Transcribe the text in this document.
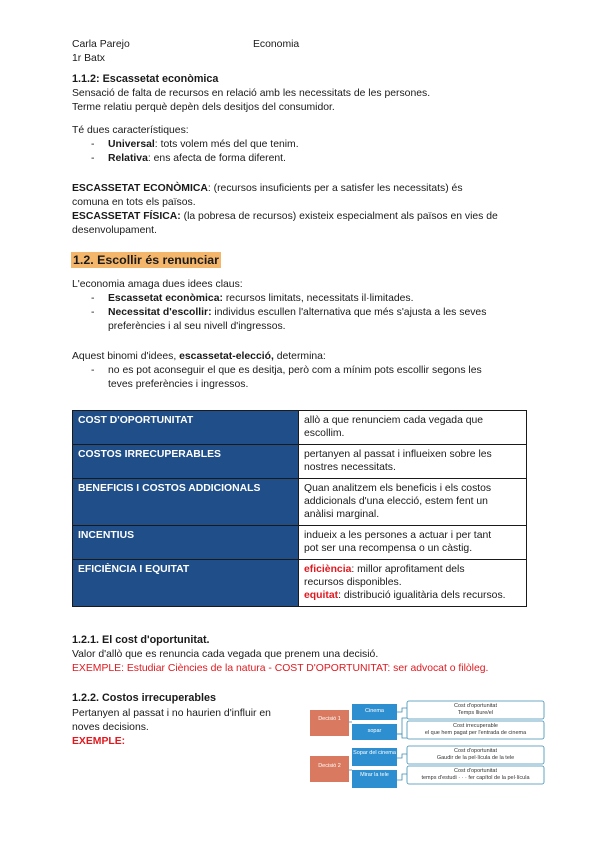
Carla Parejo	Economia
1r Batx
1.1.2: Escassetat econòmica
Sensació de falta de recursos en relació amb les necessitats de les persones.
Terme relatiu perquè depèn dels desitjos del consumidor.
Té dues característiques:
- Universal: tots volem més del que tenim.
- Relativa: ens afecta de forma diferent.
ESCASSETAT ECONÒMICA: (recursos insuficients per a satisfer les necessitats) és
comuna en tots els països.
ESCASSETAT FÍSICA: (la pobresa de recursos) existeix especialment als països en vies de
desenvolupament.
1.2. Escollir és renunciar
L'economia amaga dues idees claus:
- Escassetat econòmica: recursos limitats, necessitats il·limitades.
- Necessitat d'escollir: individus escullen l'alternativa que més s'ajusta a les seves
preferències i al seu nivell d'ingressos.
Aquest binomi d'idees, escassetat-elecció, determina:
- no es pot aconseguir el que es desitja, però com a mínim pots escollir segons les
teves preferències i ingressos.
COST D'OPORTUNITAT	allò a que renunciem cada vegada que
escollim.
COSTOS IRRECUPERABLES	pertanyen al passat i influeixen sobre les
nostres necessitats.
BENEFICIS I COSTOS ADDICIONALS	Quan analitzem els beneficis i els costos
addicionals d'una elecció, estem fent un
anàlisi marginal.
INCENTIUS	indueix a les persones a actuar i per tant
pot ser una recompensa o un càstig.
EFICIÈNCIA I EQUITAT	eficiència: millor aprofitament dels
recursos disponibles.
equitat: distribució igualitària dels recursos.
1.2.1. El cost d'oportunitat.
Valor d'allò que es renuncia cada vegada que prenem una decisió.
EXEMPLE: Estudiar Ciències de la natura - COST D'OPORTUNITAT: ser advocat o filòleg.
1.2.2. Costos irrecuperables
Pertanyen al passat i no haurien d'influir en
noves decisions.
EXEMPLE:
Decisió 1
Decisió 2
Cinema
sopar
Sopar del cinema
Mirar la tele
Cost d'oportunitat
Temps lliure/el
Cost irrecuperable
el que hem pagat per l'entrada de cinema
Cost d'oportunitat
Gaudir de la pel·lícula de la tele
Cost d'oportunitat
temps d'estudi · · · fer capítol de la pel·lícula
